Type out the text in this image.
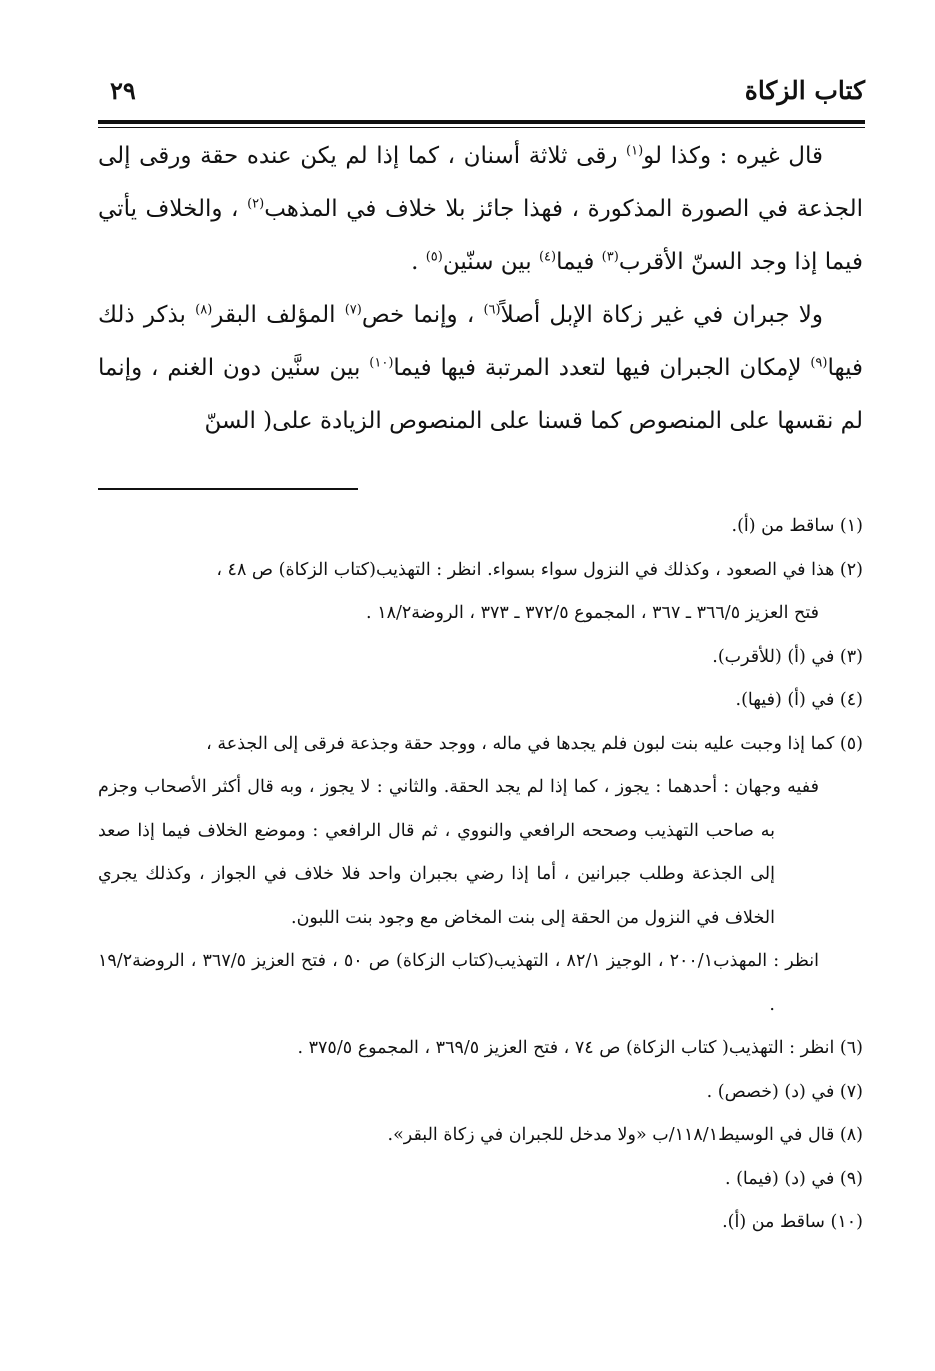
كتاب الزكاة
٢٩

قال غيره : وكذا لو$^{(١)}$ رقى ثلاثة أسنان ، كما إذا لم يكن عنده حقة ورقى إلى الجذعة في الصورة المذكورة ، فهذا جائز بلا خلاف في المذهب$^{(٢)}$ ، والخلاف يأتي فيما إذا وجد السنّ الأقرب$^{(٣)}$ فيما$^{(٤)}$ بين سنّين$^{(٥)}$ .

ولا جبران في غير زكاة الإبل أصلاً$^{(٦)}$ ، وإنما خص$^{(٧)}$ المؤلف البقر$^{(٨)}$ بذكر ذلك فيها$^{(٩)}$ لإمكان الجبران فيها لتعدد المرتبة فيها فيما$^{(١٠)}$ بين سنَّين دون الغنم ، وإنما لم نقسها على المنصوص كما قسنا على المنصوص الزيادة على( السنّ

(١) ساقط من (أ).

(٢) هذا في الصعود ، وكذلك في النزول سواء بسواء. انظر : التهذيب(كتاب الزكاة) ص ٤٨ ،

فتح العزيز ٣٦٦/٥ ـ ٣٦٧ ، المجموع ٣٧٢/٥ ـ ٣٧٣ ، الروضة١٨/٢ .

(٣) في (أ) (للأقرب).

(٤) في (أ) (فيها).

(٥) كما إذا وجبت عليه بنت لبون فلم يجدها في ماله ، ووجد حقة وجذعة فرقى إلى الجذعة ،

ففيه وجهان : أحدهما : يجوز ، كما إذا لم يجد الحقة. والثاني : لا يجوز ، وبه قال أكثر الأصحاب وجزم به صاحب التهذيب وصححه الرافعي والنووي ، ثم قال الرافعي : وموضع الخلاف فيما إذا صعد إلى الجذعة وطلب جبرانين ، أما إذا رضي بجبران واحد فلا خلاف في الجواز ، وكذلك يجري الخلاف في النزول من الحقة إلى بنت المخاض مع وجود بنت اللبون.

انظر : المهذب٢٠٠/١ ، الوجيز ٨٢/١ ، التهذيب(كتاب الزكاة) ص ٥٠ ، فتح العزيز ٣٦٧/٥ ، الروضة١٩/٢ .

(٦) انظر : التهذيب( كتاب الزكاة) ص ٧٤ ، فتح العزيز ٣٦٩/٥ ، المجموع ٣٧٥/٥ .

(٧) في (د) (خصص) .

(٨) قال في الوسيط١١٨/١/ب «ولا مدخل للجبران في زكاة البقر».

(٩) في (د) (فيما) .

(١٠) ساقط من (أ).
